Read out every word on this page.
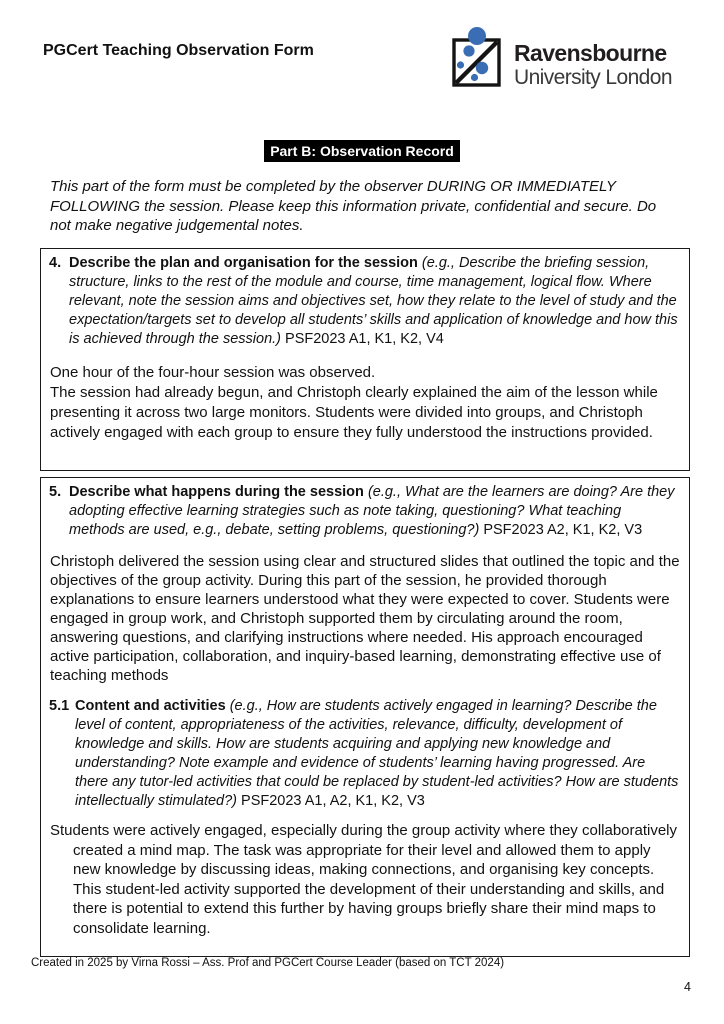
PGCert Teaching Observation Form	Ravensbourne
University London
Part B: Observation Record

This part of the form must be completed by the observer DURING OR IMMEDIATELY FOLLOWING the session. Please keep this information private, confidential and secure. Do not make negative judgemental notes.

4. Describe the plan and organisation for the session (e.g., Describe the briefing session, structure, links to the rest of the module and course, time management, logical flow. Where relevant, note the session aims and objectives set, how they relate to the level of study and the expectation/targets set to develop all students’ skills and application of knowledge and how this is achieved through the session.) PSF2023 A1, K1, K2, V4

One hour of the four-hour session was observed.

The session had already begun, and Christoph clearly explained the aim of the lesson while presenting it across two large monitors. Students were divided into groups, and Christoph actively engaged with each group to ensure they fully understood the instructions provided.

5. Describe what happens during the session (e.g., What are the learners are doing? Are they adopting effective learning strategies such as note taking, questioning? What teaching methods are used, e.g., debate, setting problems, questioning?) PSF2023 A2, K1, K2, V3

Christoph delivered the session using clear and structured slides that outlined the topic and the objectives of the group activity. During this part of the session, he provided thorough explanations to ensure learners understood what they were expected to cover. Students were engaged in group work, and Christoph supported them by circulating around the room, answering questions, and clarifying instructions where needed. His approach encouraged active participation, collaboration, and inquiry-based learning, demonstrating effective use of teaching methods

5.1 Content and activities (e.g., How are students actively engaged in learning? Describe the level of content, appropriateness of the activities, relevance, difficulty, development of knowledge and skills. How are students acquiring and applying new knowledge and understanding? Note example and evidence of students’ learning having progressed. Are there any tutor-led activities that could be replaced by student-led activities? How are students intellectually stimulated?) PSF2023 A1, A2, K1, K2, V3

Students were actively engaged, especially during the group activity where they collaboratively created a mind map. The task was appropriate for their level and allowed them to apply new knowledge by discussing ideas, making connections, and organising key concepts. This student-led activity supported the development of their understanding and skills, and there is potential to extend this further by having groups briefly share their mind maps to consolidate learning.

Created in 2025 by Virna Rossi – Ass. Prof and PGCert Course Leader (based on TCT 2024)
4
